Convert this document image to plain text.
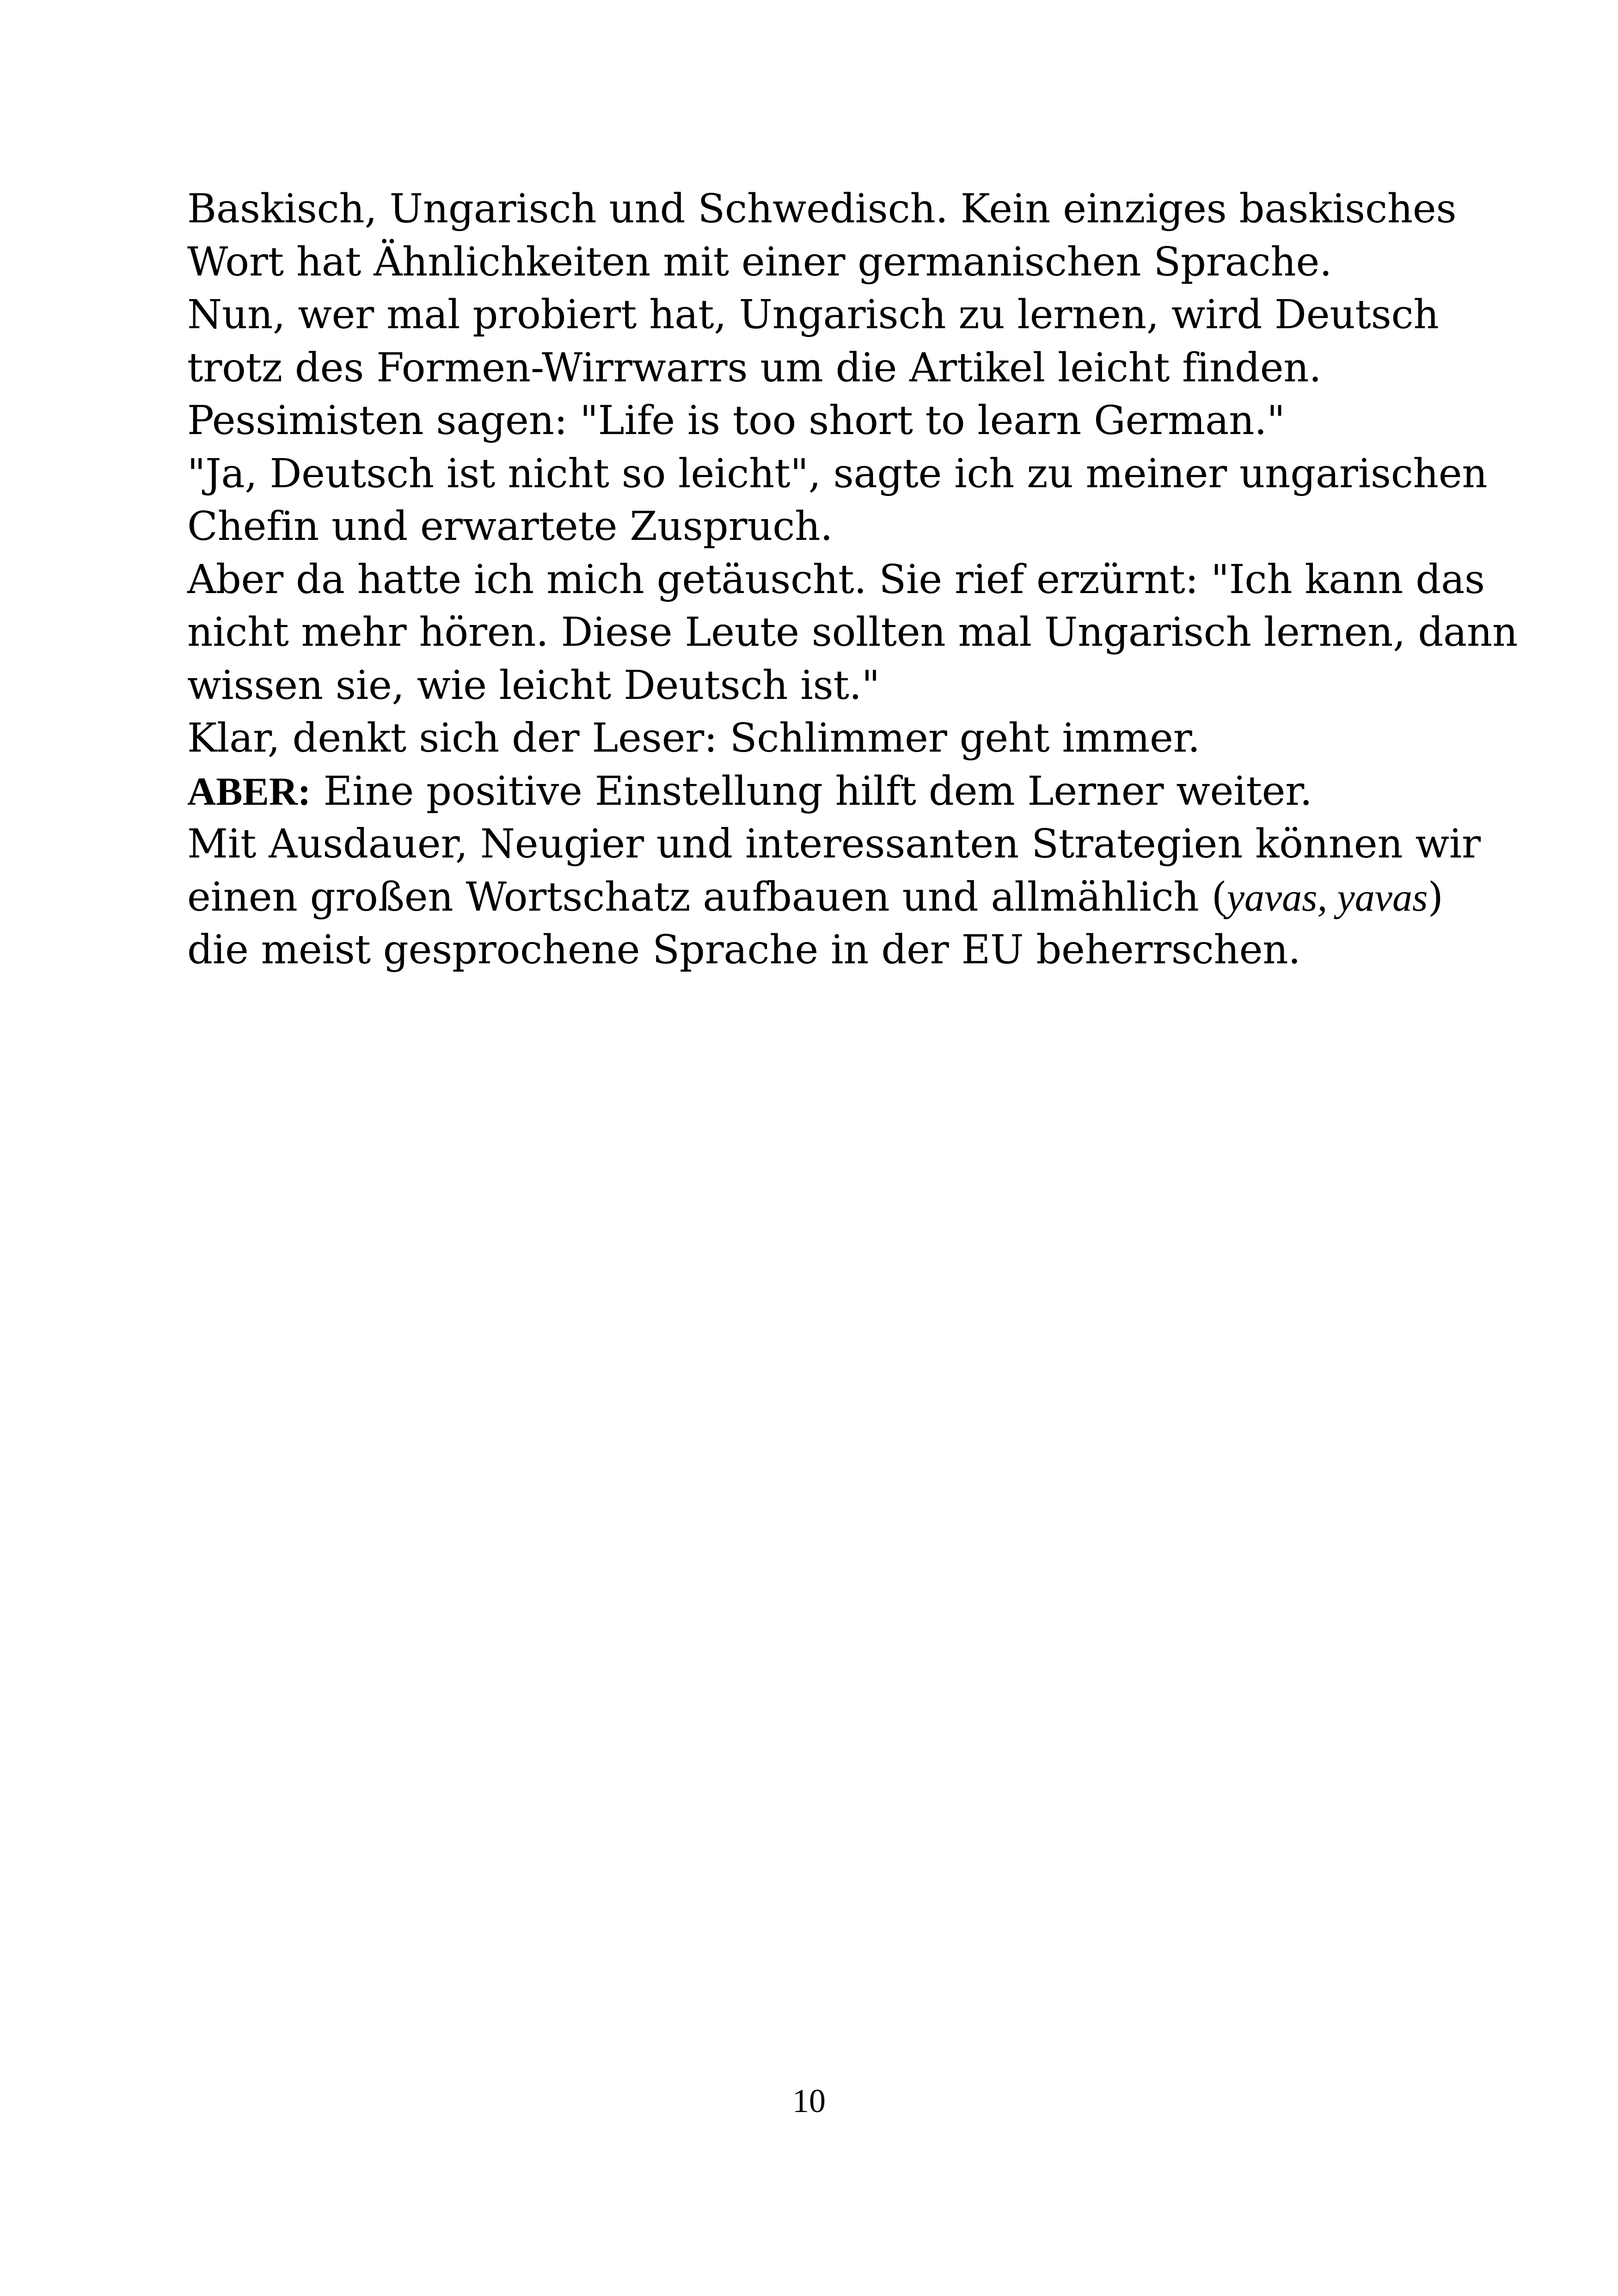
Baskisch, Ungarisch und Schwedisch. Kein einziges baskisches
Wort hat Ähnlichkeiten mit einer germanischen Sprache.
Nun, wer mal probiert hat, Ungarisch zu lernen, wird Deutsch
trotz des Formen-Wirrwarrs um die Artikel leicht finden.
Pessimisten sagen: "Life is too short to learn German."
"Ja, Deutsch ist nicht so leicht", sagte ich zu meiner ungarischen
Chefin und erwartete Zuspruch.
Aber da hatte ich mich getäuscht. Sie rief erzürnt: "Ich kann das
nicht mehr hören. Diese Leute sollten mal Ungarisch lernen, dann
wissen sie, wie leicht Deutsch ist."
Klar, denkt sich der Leser: Schlimmer geht immer.
ABER: Eine positive Einstellung hilft dem Lerner weiter.
Mit Ausdauer, Neugier und interessanten Strategien können wir
einen großen Wortschatz aufbauen und allmählich (yavas, yavas)
die meist gesprochene Sprache in der EU beherrschen.
10
